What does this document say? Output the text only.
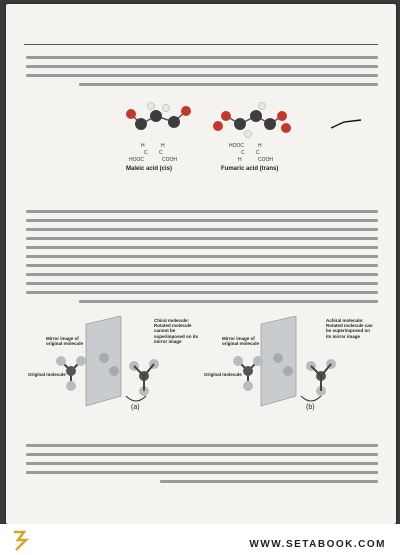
H	H
C C
HOOC	COOH
HOOC	H
C C
H	COOH
Maleic acid (cis)	Fumaric acid (trans)
Mirror image of original molecule
Original molecule
Chiral molecule: Rotated molecule cannot be superimposed on its mirror image
(a)
Mirror image of original molecule
Original molecule
Achiral molecule: Rotated molecule can be superimposed on its mirror image
(b)
WWW.SETABOOK.COM
